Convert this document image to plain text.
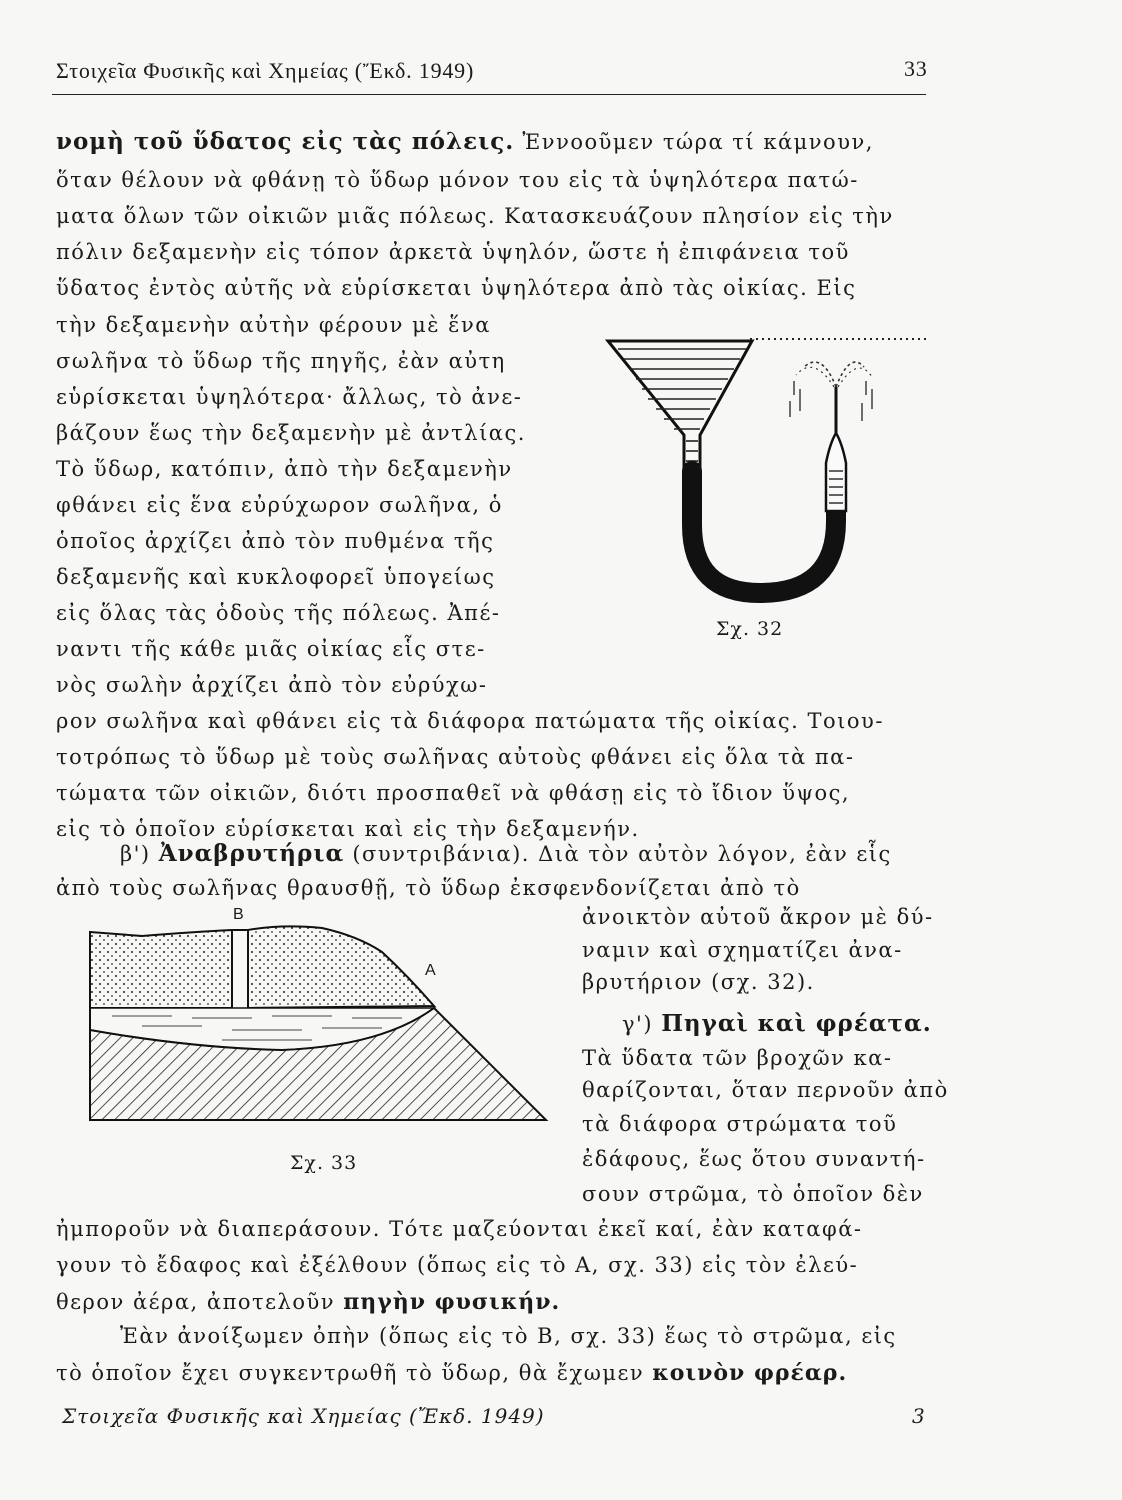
Στοιχεῖα Φυσικῆς καὶ Χημείας (Ἔκδ. 1949)	33
νομὴ τοῦ ὕδατος εἰς τὰς πόλεις. Ἐννοοῦμεν τώρα τί κάμνουν,
ὅταν θέλουν νὰ φθάνῃ τὸ ὕδωρ μόνον του εἰς τὰ ὑψηλότερα πατώ-
ματα ὅλων τῶν οἰκιῶν μιᾶς πόλεως. Κατασκευάζουν πλησίον εἰς τὴν
πόλιν δεξαμενὴν εἰς τόπον ἀρκετὰ ὑψηλόν, ὥστε ἡ ἐπιφάνεια τοῦ
ὕδατος ἐντὸς αὐτῆς νὰ εὑρίσκεται ὑψηλότερα ἀπὸ τὰς οἰκίας. Εἰς
τὴν δεξαμενὴν αὐτὴν φέρουν μὲ ἕνα
σωλῆνα τὸ ὕδωρ τῆς πηγῆς, ἐὰν αὐτη
εὑρίσκεται ὑψηλότερα· ἄλλως, τὸ ἀνε-
βάζουν ἕως τὴν δεξαμενὴν μὲ ἀντλίας.
Τὸ ὕδωρ, κατόπιν, ἀπὸ τὴν δεξαμενὴν
φθάνει εἰς ἕνα εὐρύχωρον σωλῆνα, ὁ
ὁποῖος ἀρχίζει ἀπὸ τὸν πυθμένα τῆς
δεξαμενῆς καὶ κυκλοφορεῖ ὑπογείως
εἰς ὅλας τὰς ὁδοὺς τῆς πόλεως. Ἀπέ-
ναντι τῆς κάθε μιᾶς οἰκίας εἷς στε-
νὸς σωλὴν ἀρχίζει ἀπὸ τὸν εὐρύχω-
ρον σωλῆνα καὶ φθάνει εἰς τὰ διάφορα πατώματα τῆς οἰκίας. Τοιου-
τοτρόπως τὸ ὕδωρ μὲ τοὺς σωλῆνας αὐτοὺς φθάνει εἰς ὅλα τὰ πα-
τώματα τῶν οἰκιῶν, διότι προσπαθεῖ νὰ φθάσῃ εἰς τὸ ἴδιον ὕψος,
εἰς τὸ ὁποῖον εὑρίσκεται καὶ εἰς τὴν δεξαμενήν.
Σχ. 32
β') Ἀναβρυτήρια (συντριβάνια). Διὰ τὸν αὐτὸν λόγον, ἐὰν εἷς
ἀπὸ τοὺς σωλῆνας θραυσθῇ, τὸ ὕδωρ ἐκσφενδονίζεται ἀπὸ τὸ
ἀνοικτὸν αὐτοῦ ἄκρον μὲ δύ-
ναμιν καὶ σχηματίζει ἀνα-
βρυτήριον (σχ. 32).
B
A
Σχ. 33
γ') Πηγαὶ καὶ φρέατα.
Τὰ ὕδατα τῶν βροχῶν κα-
θαρίζονται, ὅταν περνοῦν ἀπὸ
τὰ διάφορα στρώματα τοῦ
ἐδάφους, ἕως ὅτου συναντή-
σουν στρῶμα, τὸ ὁποῖον δὲν
ἠμποροῦν νὰ διαπεράσουν. Τότε μαζεύονται ἐκεῖ καί, ἐὰν καταφά-
γουν τὸ ἔδαφος καὶ ἐξέλθουν (ὅπως εἰς τὸ Α, σχ. 33) εἰς τὸν ἐλεύ-
θερον ἀέρα, ἀποτελοῦν πηγὴν φυσικήν.
Ἐὰν ἀνοίξωμεν ὀπὴν (ὅπως εἰς τὸ Β, σχ. 33) ἕως τὸ στρῶμα, εἰς
τὸ ὁποῖον ἔχει συγκεντρωθῆ τὸ ὕδωρ, θὰ ἔχωμεν κοινὸν φρέαρ.
Στοιχεῖα Φυσικῆς καὶ Χημείας (Ἔκδ. 1949)	3
